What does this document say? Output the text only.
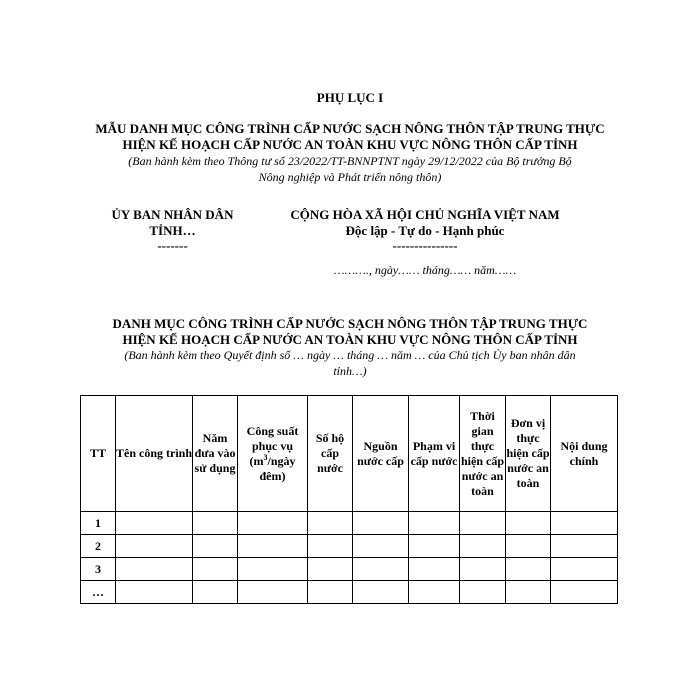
PHỤ LỤC I
MẪU DANH MỤC CÔNG TRÌNH CẤP NƯỚC SẠCH NÔNG THÔN TẬP TRUNG THỰC
HIỆN KẾ HOẠCH CẤP NƯỚC AN TOÀN KHU VỰC NÔNG THÔN CẤP TỈNH
(Ban hành kèm theo Thông tư số 23/2022/TT-BNNPTNT ngày 29/12/2022 của Bộ trưởng Bộ
Nông nghiệp và Phát triển nông thôn)
ỦY BAN NHÂN DÂN
TỈNH…
-------
CỘNG HÒA XÃ HỘI CHỦ NGHĨA VIỆT NAM
Độc lập - Tự do - Hạnh phúc
---------------
………., ngày…… tháng…… năm……
DANH MỤC CÔNG TRÌNH CẤP NƯỚC SẠCH NÔNG THÔN TẬP TRUNG THỰC
HIỆN KẾ HOẠCH CẤP NƯỚC AN TOÀN KHU VỰC NÔNG THÔN CẤP TỈNH
(Ban hành kèm theo Quyết định số … ngày … tháng … năm … của Chủ tịch Ủy ban nhân dân
tỉnh…)
TT	Tên công trình	Năm đưa vào sử dụng	Công suất phục vụ ($m^3$/ngày đêm)	Số hộ cấp nước	Nguồn nước cấp	Phạm vi cấp nước	Thời gian thực hiện cấp nước an toàn	Đơn vị thực hiện cấp nước an toàn	Nội dung chính
1									
2									
3									
…									
